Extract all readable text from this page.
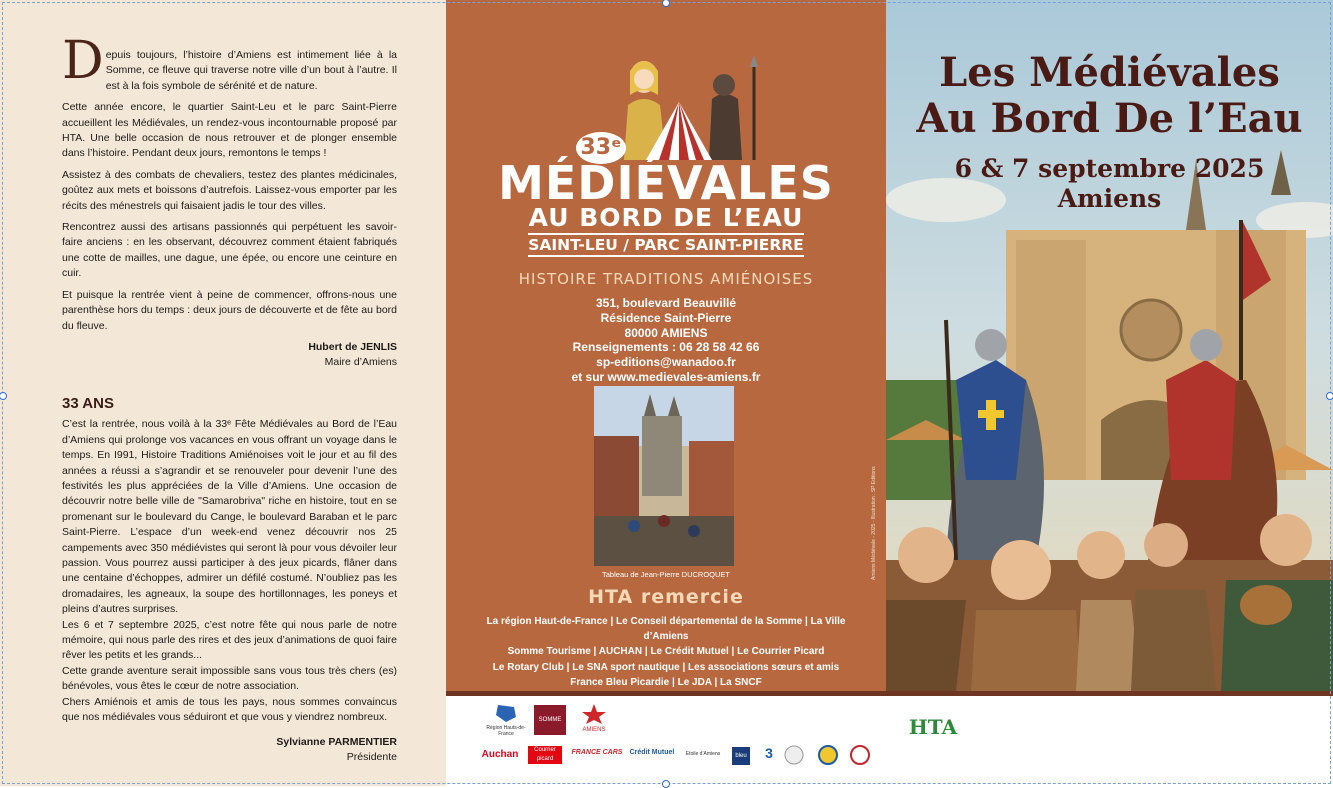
D epuis toujours, l’histoire d’Amiens est intimement liée à la Somme, ce fleuve qui traverse notre ville d’un bout à l’autre. Il est à la fois symbole de sérénité et de nature.

Cette année encore, le quartier Saint-Leu et le parc Saint-Pierre accueillent les Médiévales, un rendez-vous incontournable proposé par HTA. Une belle occasion de nous retrouver et de plonger ensemble dans l’histoire. Pendant deux jours, remontons le temps !

Assistez à des combats de chevaliers, testez des plantes médicinales, goûtez aux mets et boissons d’autrefois. Laissez-vous emporter par les récits des ménestrels qui faisaient jadis le tour des villes.

Rencontrez aussi des artisans passionnés qui perpétuent les savoir-faire anciens : en les observant, découvrez comment étaient fabriqués une cotte de mailles, une dague, une épée, ou encore une ceinture en cuir.

Et puisque la rentrée vient à peine de commencer, offrons-nous une parenthèse hors du temps : deux jours de découverte et de fête au bord du fleuve.

Hubert de JENLIS
Maire d’Amiens
33 ANS
C’est la rentrée, nous voilà à la 33ᵉ Fête Médiévales au Bord de l’Eau d’Amiens qui prolonge vos vacances en vous offrant un voyage dans le temps. En I991, Histoire Traditions Amiénoises voit le jour et au fil des années a réussi a s’agrandir et se renouveler pour devenir l’une des festivités les plus appréciées de la Ville d’Amiens. Une occasion de découvrir notre belle ville de "Samarobriva" riche en histoire, tout en se promenant sur le boulevard du Cange, le boulevard Baraban et le parc Saint-Pierre. L’espace d’un week-end venez découvrir nos 25 campements avec 350 médiévistes qui seront là pour vous dévoiler leur passion. Vous pourrez aussi participer à des jeux picards, flâner dans une centaine d’échoppes, admirer un défilé costumé. N’oubliez pas les dromadaires, les agneaux, la soupe des hortillonnages, les poneys et pleins d’autres surprises.
Les 6 et 7 septembre 2025, c’est notre fête qui nous parle de notre mémoire, qui nous parle des rires et des jeux d’animations de quoi faire rêver les petits et les grands...
Cette grande aventure serait impossible sans vous tous très chers (es) bénévoles, vous êtes le cœur de notre association.
Chers Amiénois et amis de tous les pays, nous sommes convaincus que nos médiévales vous séduiront et que vous y viendrez nombreux.
Sylvianne PARMENTIER
Présidente
33ᵉ
MÉDIÉVALES
AU BORD DE L’EAU
SAINT-LEU / PARC SAINT-PIERRE
HISTOIRE TRADITIONS AMIÉNOISES
351, boulevard Beauvillé
Résidence Saint-Pierre
80000 AMIENS
Renseignements : 06 28 58 42 66
sp-editions@wanadoo.fr
et sur www.medievales-amiens.fr
Tableau de Jean-Pierre DUCROQUET
HTA remercie
La région Haut-de-France | Le Conseil départemental de la Somme | La Ville d’Amiens
Somme Tourisme | AUCHAN | Le Crédit Mutuel | Le Courrier Picard
Le Rotary Club | Le SNA sport nautique | Les associations sœurs et amis
France Bleu Picardie | Le JDA | La SNCF
Amiens Médiévale - 2025 - Illustration : SP Editions
Les Médiévales
Au Bord De l’Eau
6 & 7 septembre 2025
Amiens
Région Hauts-de-France
SOMME
AMIENS
Auchan	Courrier picard
FRANCE CARS Crédit Mutuel	Etoile d’Amiens	bleu 3
HTA
